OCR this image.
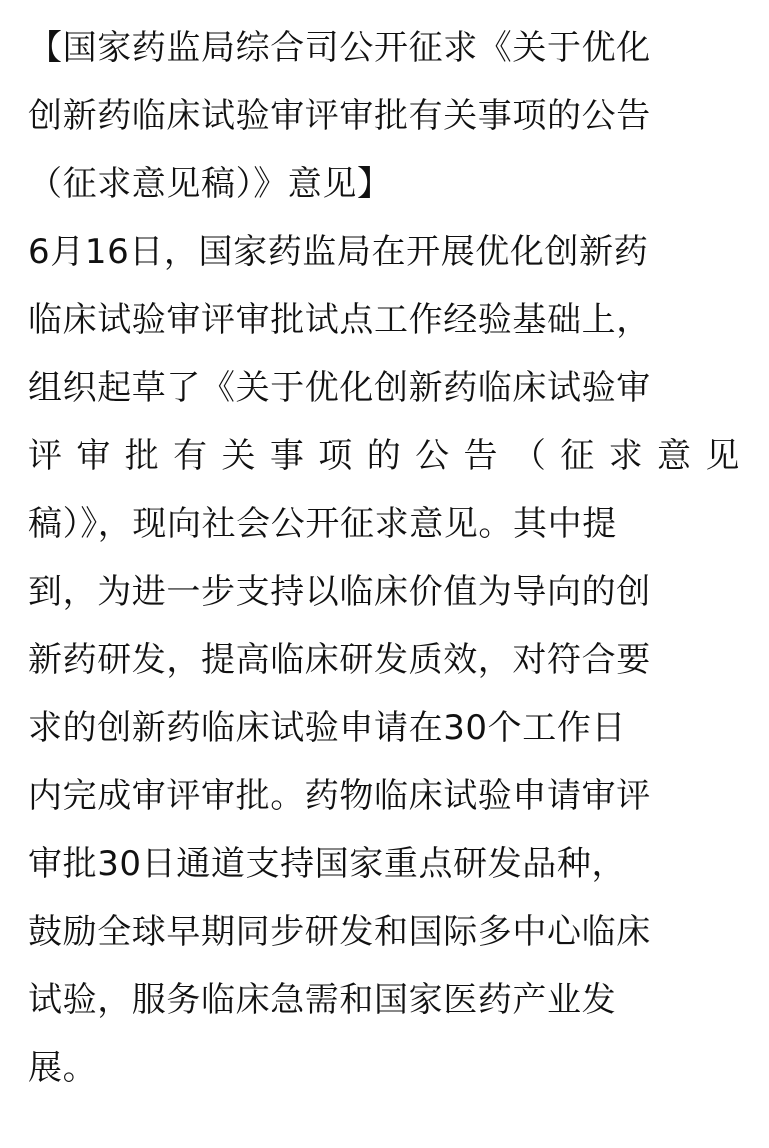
【国家药监局综合司公开征求《关于优化
创新药临床试验审评审批有关事项的公告
（征求意见稿）》意见】
6月16日，国家药监局在开展优化创新药
临床试验审评审批试点工作经验基础上，
组织起草了《关于优化创新药临床试验审
评 审 批 有 关 事 项 的 公 告 （ 征 求 意 见
稿）》，现向社会公开征求意见。其中提
到，为进一步支持以临床价值为导向的创
新药研发，提高临床研发质效，对符合要
求的创新药临床试验申请在30个工作日
内完成审评审批。药物临床试验申请审评
审批30日通道支持国家重点研发品种，
鼓励全球早期同步研发和国际多中心临床
试验，服务临床急需和国家医药产业发
展。
